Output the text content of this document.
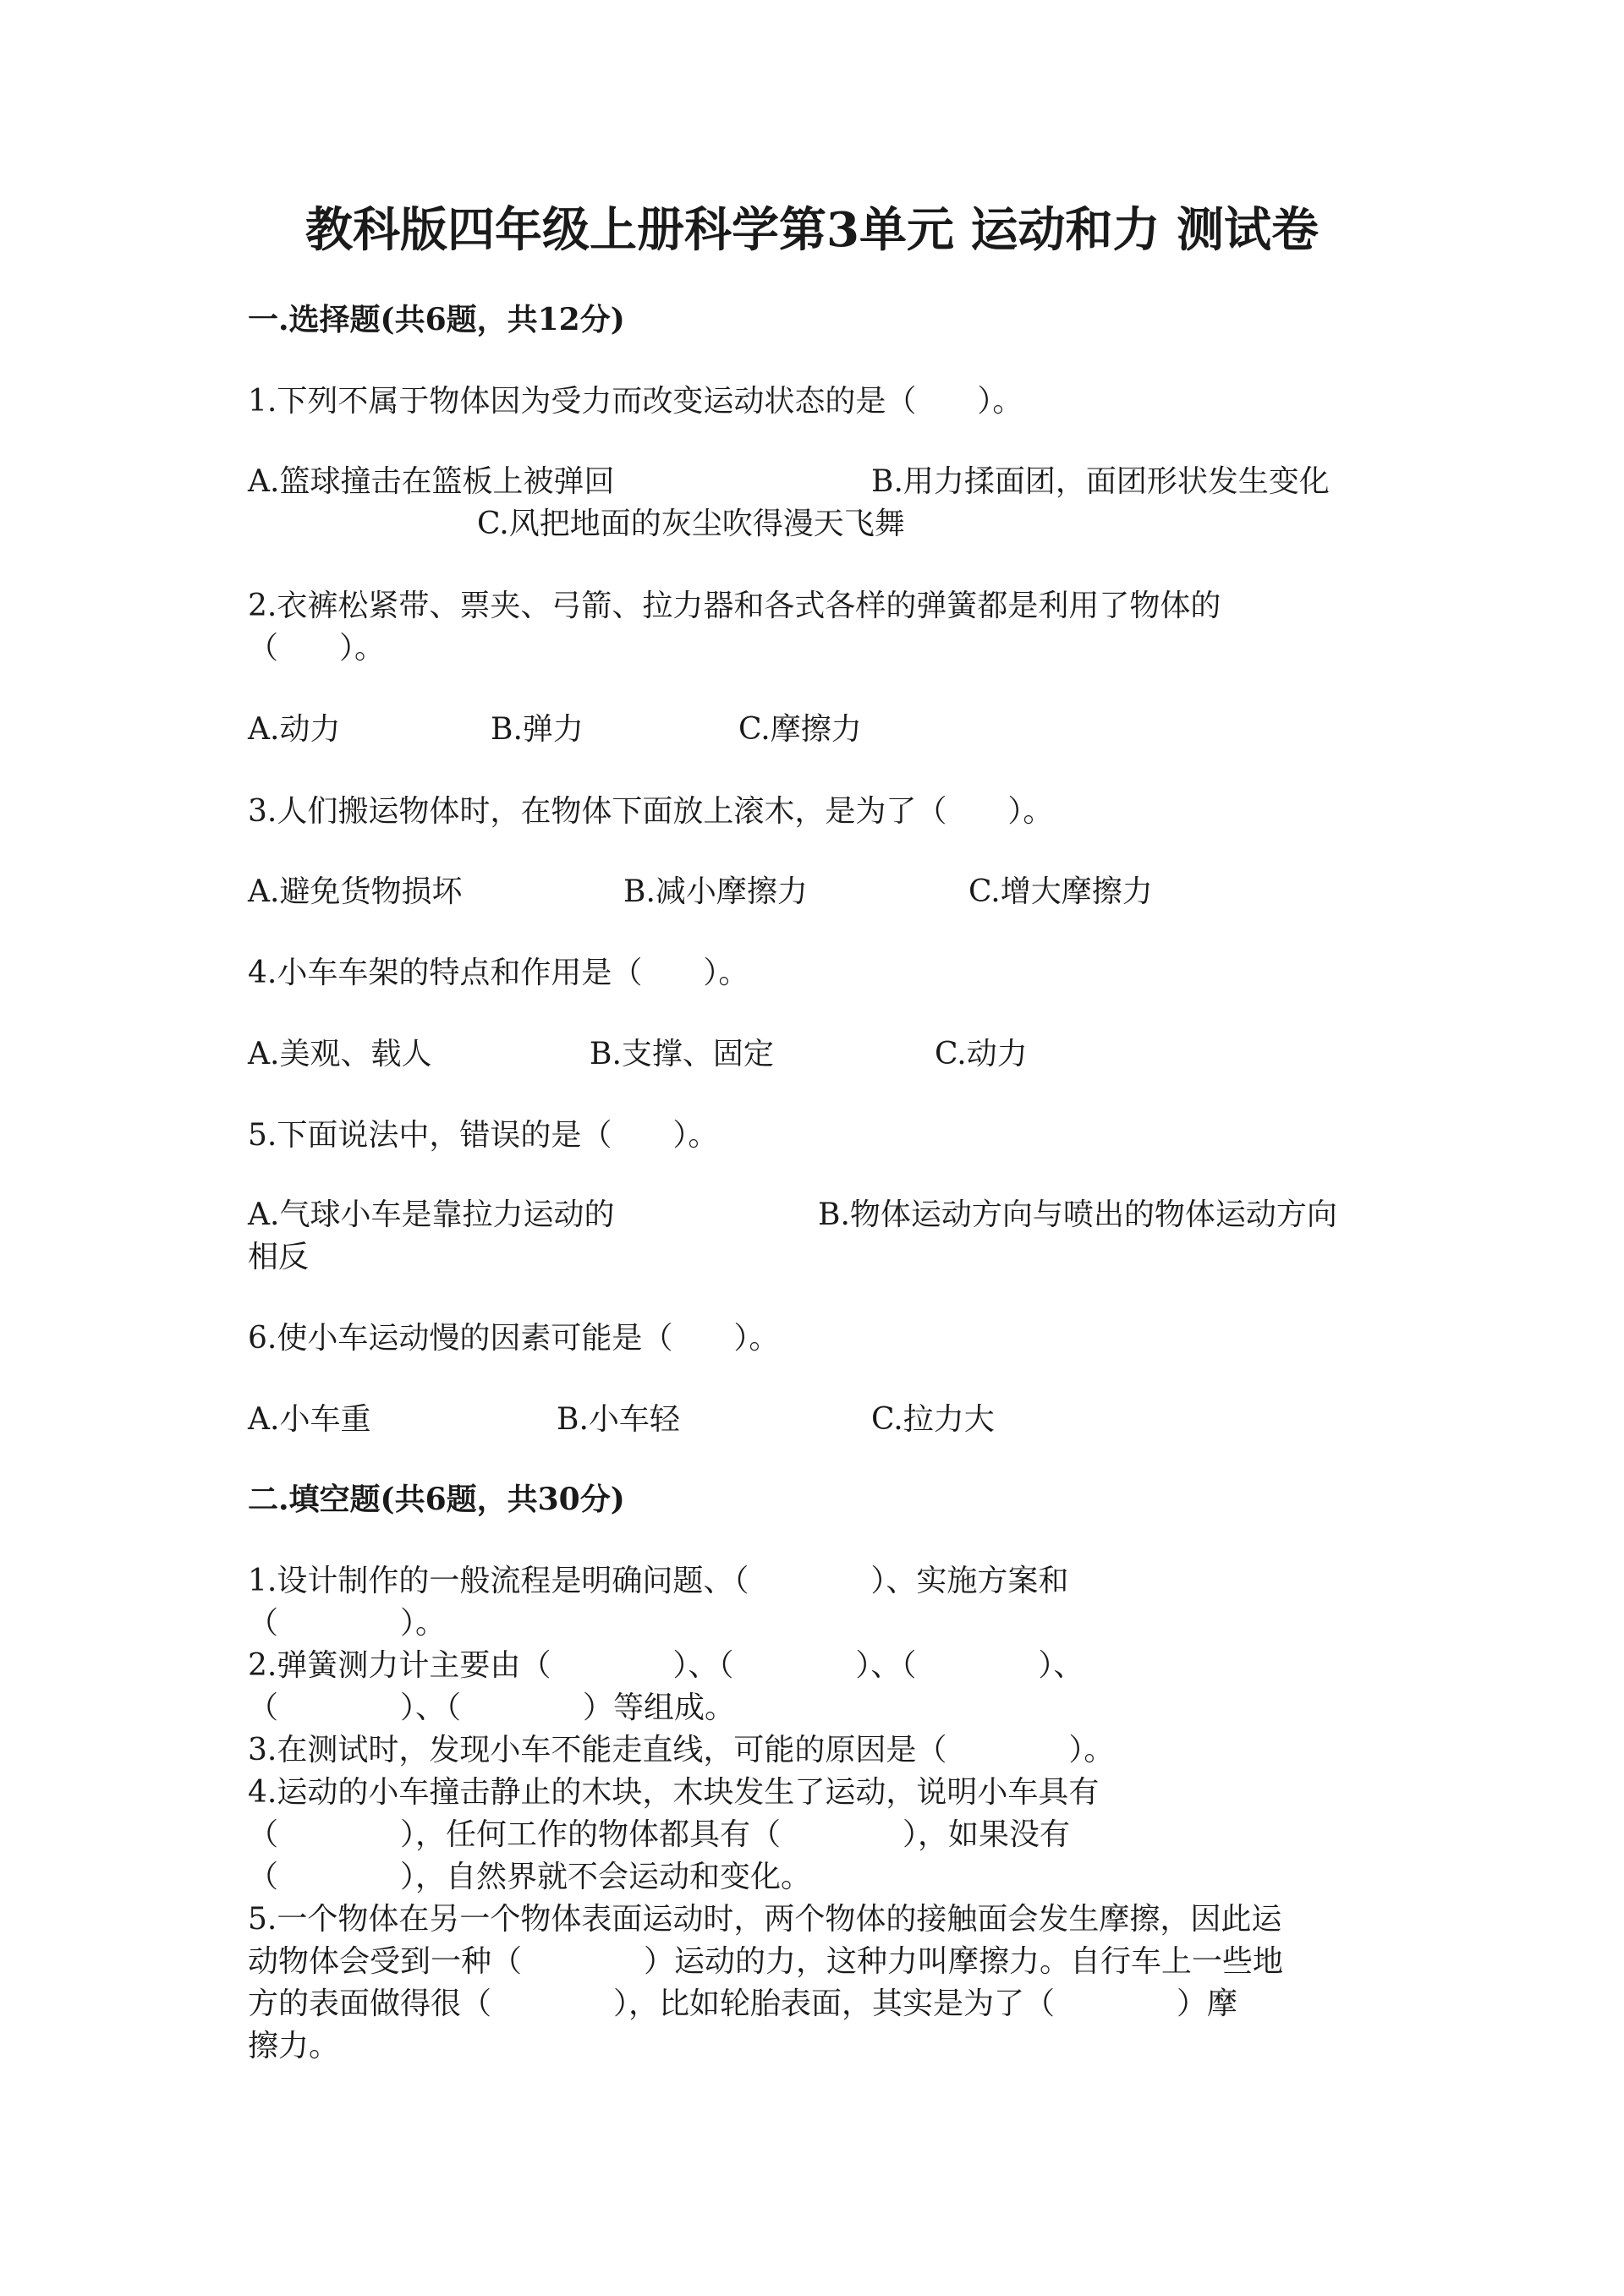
教科版四年级上册科学第3单元 运动和力 测试卷
一.选择题(共6题，共12分)
1.下列不属于物体因为受力而改变运动状态的是（　　）。
A.篮球撞击在篮板上被弹回	B.用力揉面团，面团形状发生变化
C.风把地面的灰尘吹得漫天飞舞
2.衣裤松紧带、票夹、弓箭、拉力器和各式各样的弹簧都是利用了物体的
（　　）。
A.动力	B.弹力	C.摩擦力
3.人们搬运物体时，在物体下面放上滚木，是为了（　　）。
A.避免货物损坏	B.减小摩擦力	C.增大摩擦力
4.小车车架的特点和作用是（　　）。
A.美观、载人	B.支撑、固定	C.动力
5.下面说法中，错误的是（　　）。
A.气球小车是靠拉力运动的	B.物体运动方向与喷出的物体运动方向
相反
6.使小车运动慢的因素可能是（　　）。
A.小车重	B.小车轻	C.拉力大
二.填空题(共6题，共30分)
1.设计制作的一般流程是明确问题、（　　　　）、实施方案和
（　　　　）。
2.弹簧测力计主要由（　　　　）、（　　　　）、（　　　　）、
（　　　　）、（　　　　）等组成。
3.在测试时，发现小车不能走直线，可能的原因是（　　　　）。
4.运动的小车撞击静止的木块，木块发生了运动，说明小车具有
（　　　　），任何工作的物体都具有（　　　　），如果没有
（　　　　），自然界就不会运动和变化。
5.一个物体在另一个物体表面运动时，两个物体的接触面会发生摩擦，因此运
动物体会受到一种（　　　　）运动的力，这种力叫摩擦力。自行车上一些地
方的表面做得很（　　　　），比如轮胎表面，其实是为了（　　　　）摩
擦力。
